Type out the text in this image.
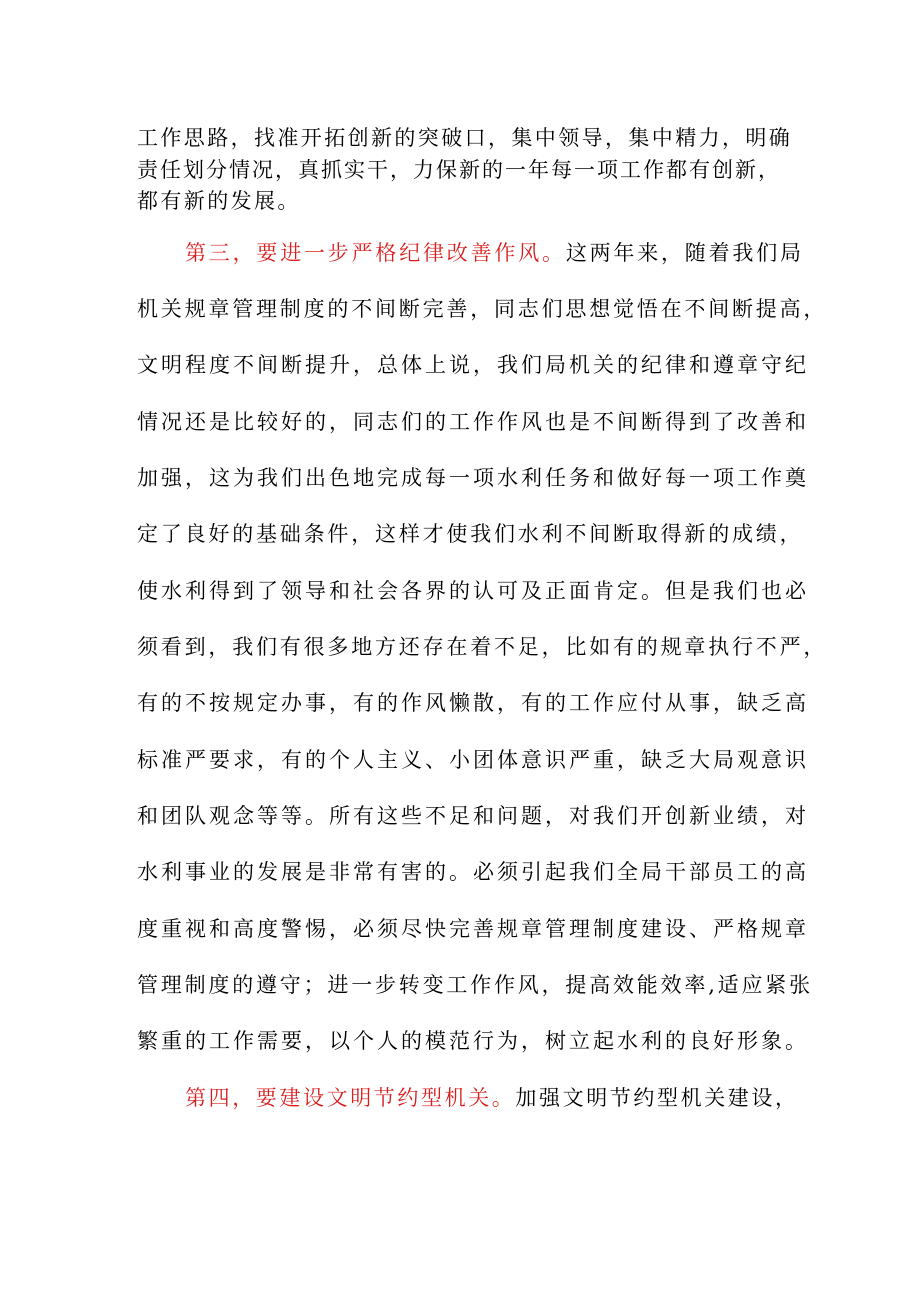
工作思路，找准开拓创新的突破口，集中领导，集中精力，明确
责任划分情况，真抓实干，力保新的一年每一项工作都有创新，
都有新的发展。
第三，要进一步严格纪律改善作风。这两年来，随着我们局
机关规章管理制度的不间断完善，同志们思想觉悟在不间断提高，
文明程度不间断提升，总体上说，我们局机关的纪律和遵章守纪
情况还是比较好的，同志们的工作作风也是不间断得到了改善和
加强，这为我们出色地完成每一项水利任务和做好每一项工作奠
定了良好的基础条件，这样才使我们水利不间断取得新的成绩，
使水利得到了领导和社会各界的认可及正面肯定。但是我们也必
须看到，我们有很多地方还存在着不足，比如有的规章执行不严，
有的不按规定办事，有的作风懒散，有的工作应付从事，缺乏高
标准严要求，有的个人主义、小团体意识严重，缺乏大局观意识
和团队观念等等。所有这些不足和问题，对我们开创新业绩，对
水利事业的发展是非常有害的。必须引起我们全局干部员工的高
度重视和高度警惕，必须尽快完善规章管理制度建设、严格规章
管理制度的遵守；进一步转变工作作风，提高效能效率,适应紧张
繁重的工作需要，以个人的模范行为，树立起水利的良好形象。
第四，要建设文明节约型机关。加强文明节约型机关建设，
